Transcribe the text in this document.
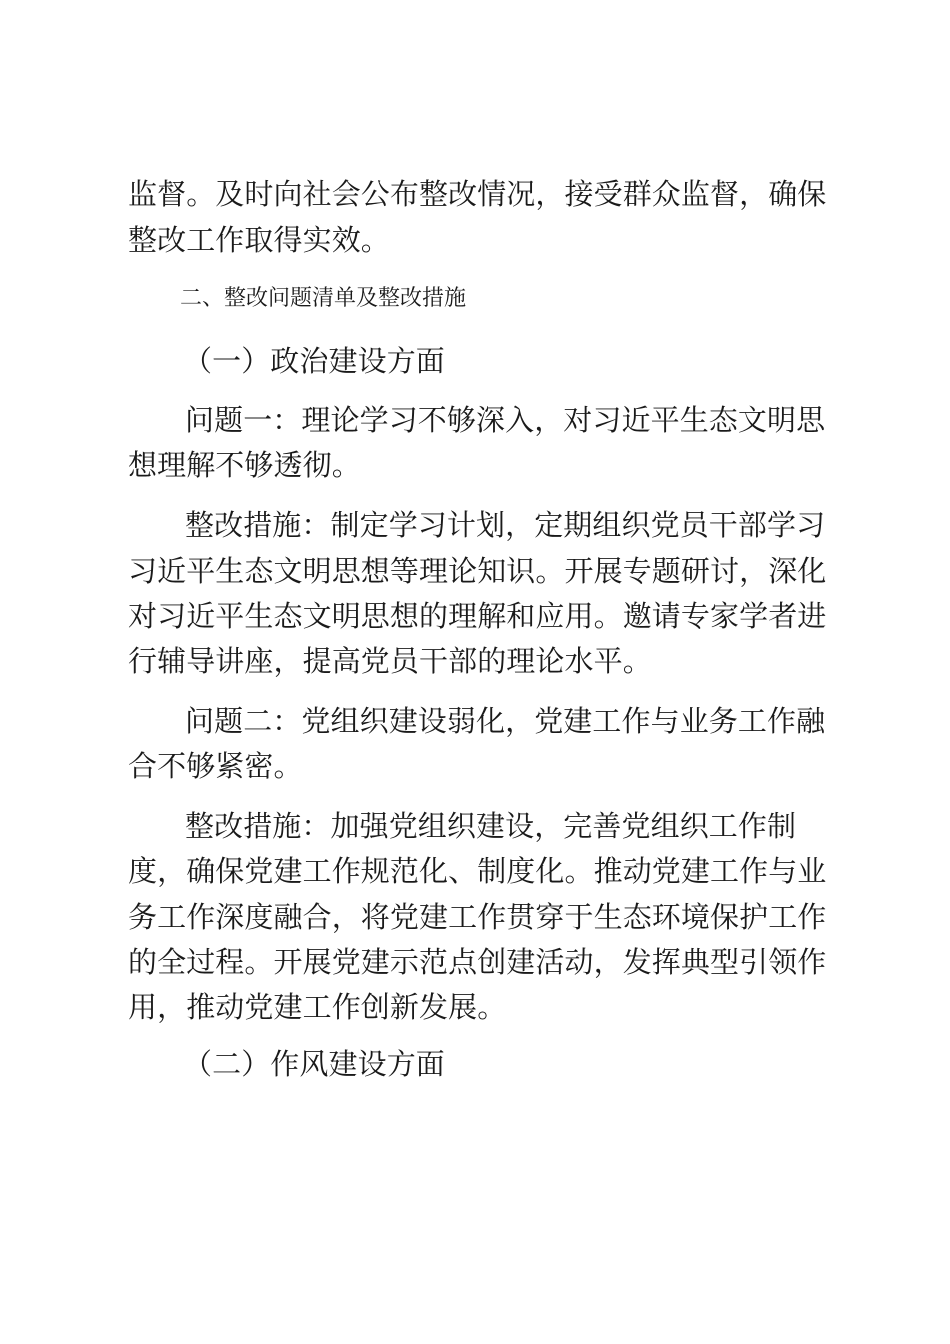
监督。及时向社会公布整改情况，接受群众监督，确保
整改工作取得实效。
二、整改问题清单及整改措施
（一）政治建设方面
问题一：理论学习不够深入，对习近平生态文明思
想理解不够透彻。
整改措施：制定学习计划，定期组织党员干部学习
习近平生态文明思想等理论知识。开展专题研讨，深化
对习近平生态文明思想的理解和应用。邀请专家学者进
行辅导讲座，提高党员干部的理论水平。
问题二：党组织建设弱化，党建工作与业务工作融
合不够紧密。
整改措施：加强党组织建设，完善党组织工作制
度，确保党建工作规范化、制度化。推动党建工作与业
务工作深度融合，将党建工作贯穿于生态环境保护工作
的全过程。开展党建示范点创建活动，发挥典型引领作
用，推动党建工作创新发展。
（二）作风建设方面
